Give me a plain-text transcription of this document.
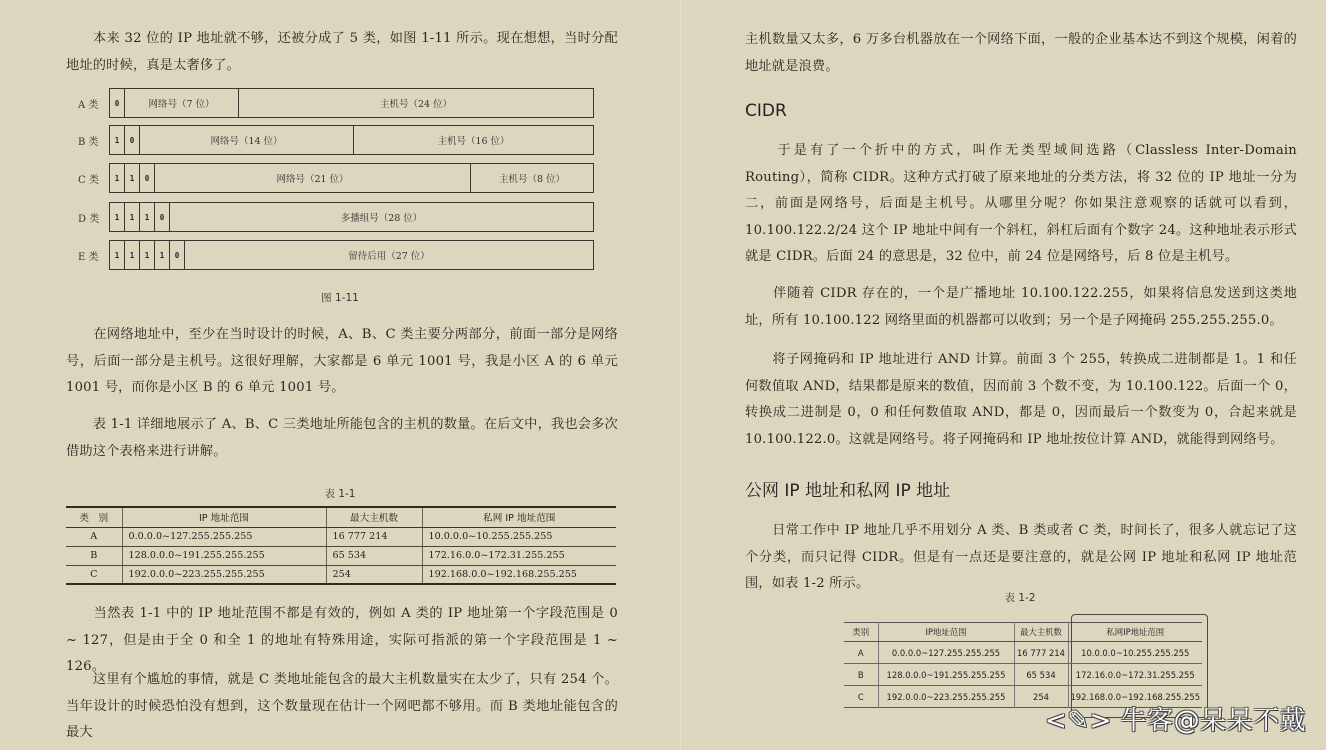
　　本来 32 位的 IP 地址就不够，还被分成了 5 类，如图 1-11 所示。现在想想，当时分配地址的时候，真是太奢侈了。

A 类	0	网络号（7 位）	主机号（24 位）
B 类	1	0	网络号（14 位）	主机号（16 位）
C 类	1	1	0	网络号（21 位）	主机号（8 位）
D 类	1	1	1	0	多播组号（28 位）
E 类	1	1	1	1	0	留待后用（27 位）
图 1-11

　　在网络地址中，至少在当时设计的时候，A、B、C 类主要分两部分，前面一部分是网络号，后面一部分是主机号。这很好理解，大家都是 6 单元 1001 号，我是小区 A 的 6 单元 1001 号，而你是小区 B 的 6 单元 1001 号。

　　表 1-1 详细地展示了 A、B、C 三类地址所能包含的主机的数量。在后文中，我也会多次借助这个表格来进行讲解。

表 1-1
类　别	IP 地址范围	最大主机数	私网 IP 地址范围
A	0.0.0.0~127.255.255.255	16 777 214	10.0.0.0~10.255.255.255
B	128.0.0.0~191.255.255.255	65 534	172.16.0.0~172.31.255.255
C	192.0.0.0~223.255.255.255	254	192.168.0.0~192.168.255.255

　　当然表 1-1 中的 IP 地址范围不都是有效的，例如 A 类的 IP 地址第一个字段范围是 0 ~ 127，但是由于全 0 和全 1 的地址有特殊用途，实际可指派的第一个字段范围是 1 ~ 126。

　　这里有个尴尬的事情，就是 C 类地址能包含的最大主机数量实在太少了，只有 254 个。当年设计的时候恐怕没有想到，这个数量现在估计一个网吧都不够用。而 B 类地址能包含的最大

主机数量又太多，6 万多台机器放在一个网络下面，一般的企业基本达不到这个规模，闲着的地址就是浪费。

CIDR

　　于是有了一个折中的方式，叫作无类型域间选路（Classless Inter-Domain Routing），简称 CIDR。这种方式打破了原来地址的分类方法，将 32 位的 IP 地址一分为二，前面是网络号，后面是主机号。从哪里分呢？你如果注意观察的话就可以看到，10.100.122.2/24 这个 IP 地址中间有一个斜杠，斜杠后面有个数字 24。这种地址表示形式就是 CIDR。后面 24 的意思是，32 位中，前 24 位是网络号，后 8 位是主机号。

　　伴随着 CIDR 存在的，一个是广播地址 10.100.122.255，如果将信息发送到这类地址，所有 10.100.122 网络里面的机器都可以收到；另一个是子网掩码 255.255.255.0。

　　将子网掩码和 IP 地址进行 AND 计算。前面 3 个 255，转换成二进制都是 1。1 和任何数值取 AND，结果都是原来的数值，因而前 3 个数不变，为 10.100.122。后面一个 0，转换成二进制是 0，0 和任何数值取 AND，都是 0，因而最后一个数变为 0，合起来就是 10.100.122.0。这就是网络号。将子网掩码和 IP 地址按位计算 AND，就能得到网络号。

公网 IP 地址和私网 IP 地址

　　日常工作中 IP 地址几乎不用划分 A 类、B 类或者 C 类，时间长了，很多人就忘记了这个分类，而只记得 CIDR。但是有一点还是要注意的，就是公网 IP 地址和私网 IP 地址范围，如表 1-2 所示。

表 1-2
类别	IP地址范围	最大主机数	私网IP地址范围
A	0.0.0.0~127.255.255.255	16 777 214	10.0.0.0~10.255.255.255
B	128.0.0.0~191.255.255.255	65 534	172.16.0.0~172.31.255.255
C	192.0.0.0~223.255.255.255	254	192.168.0.0~192.168.255.255
<✎> 牛客@呆呆不戴
